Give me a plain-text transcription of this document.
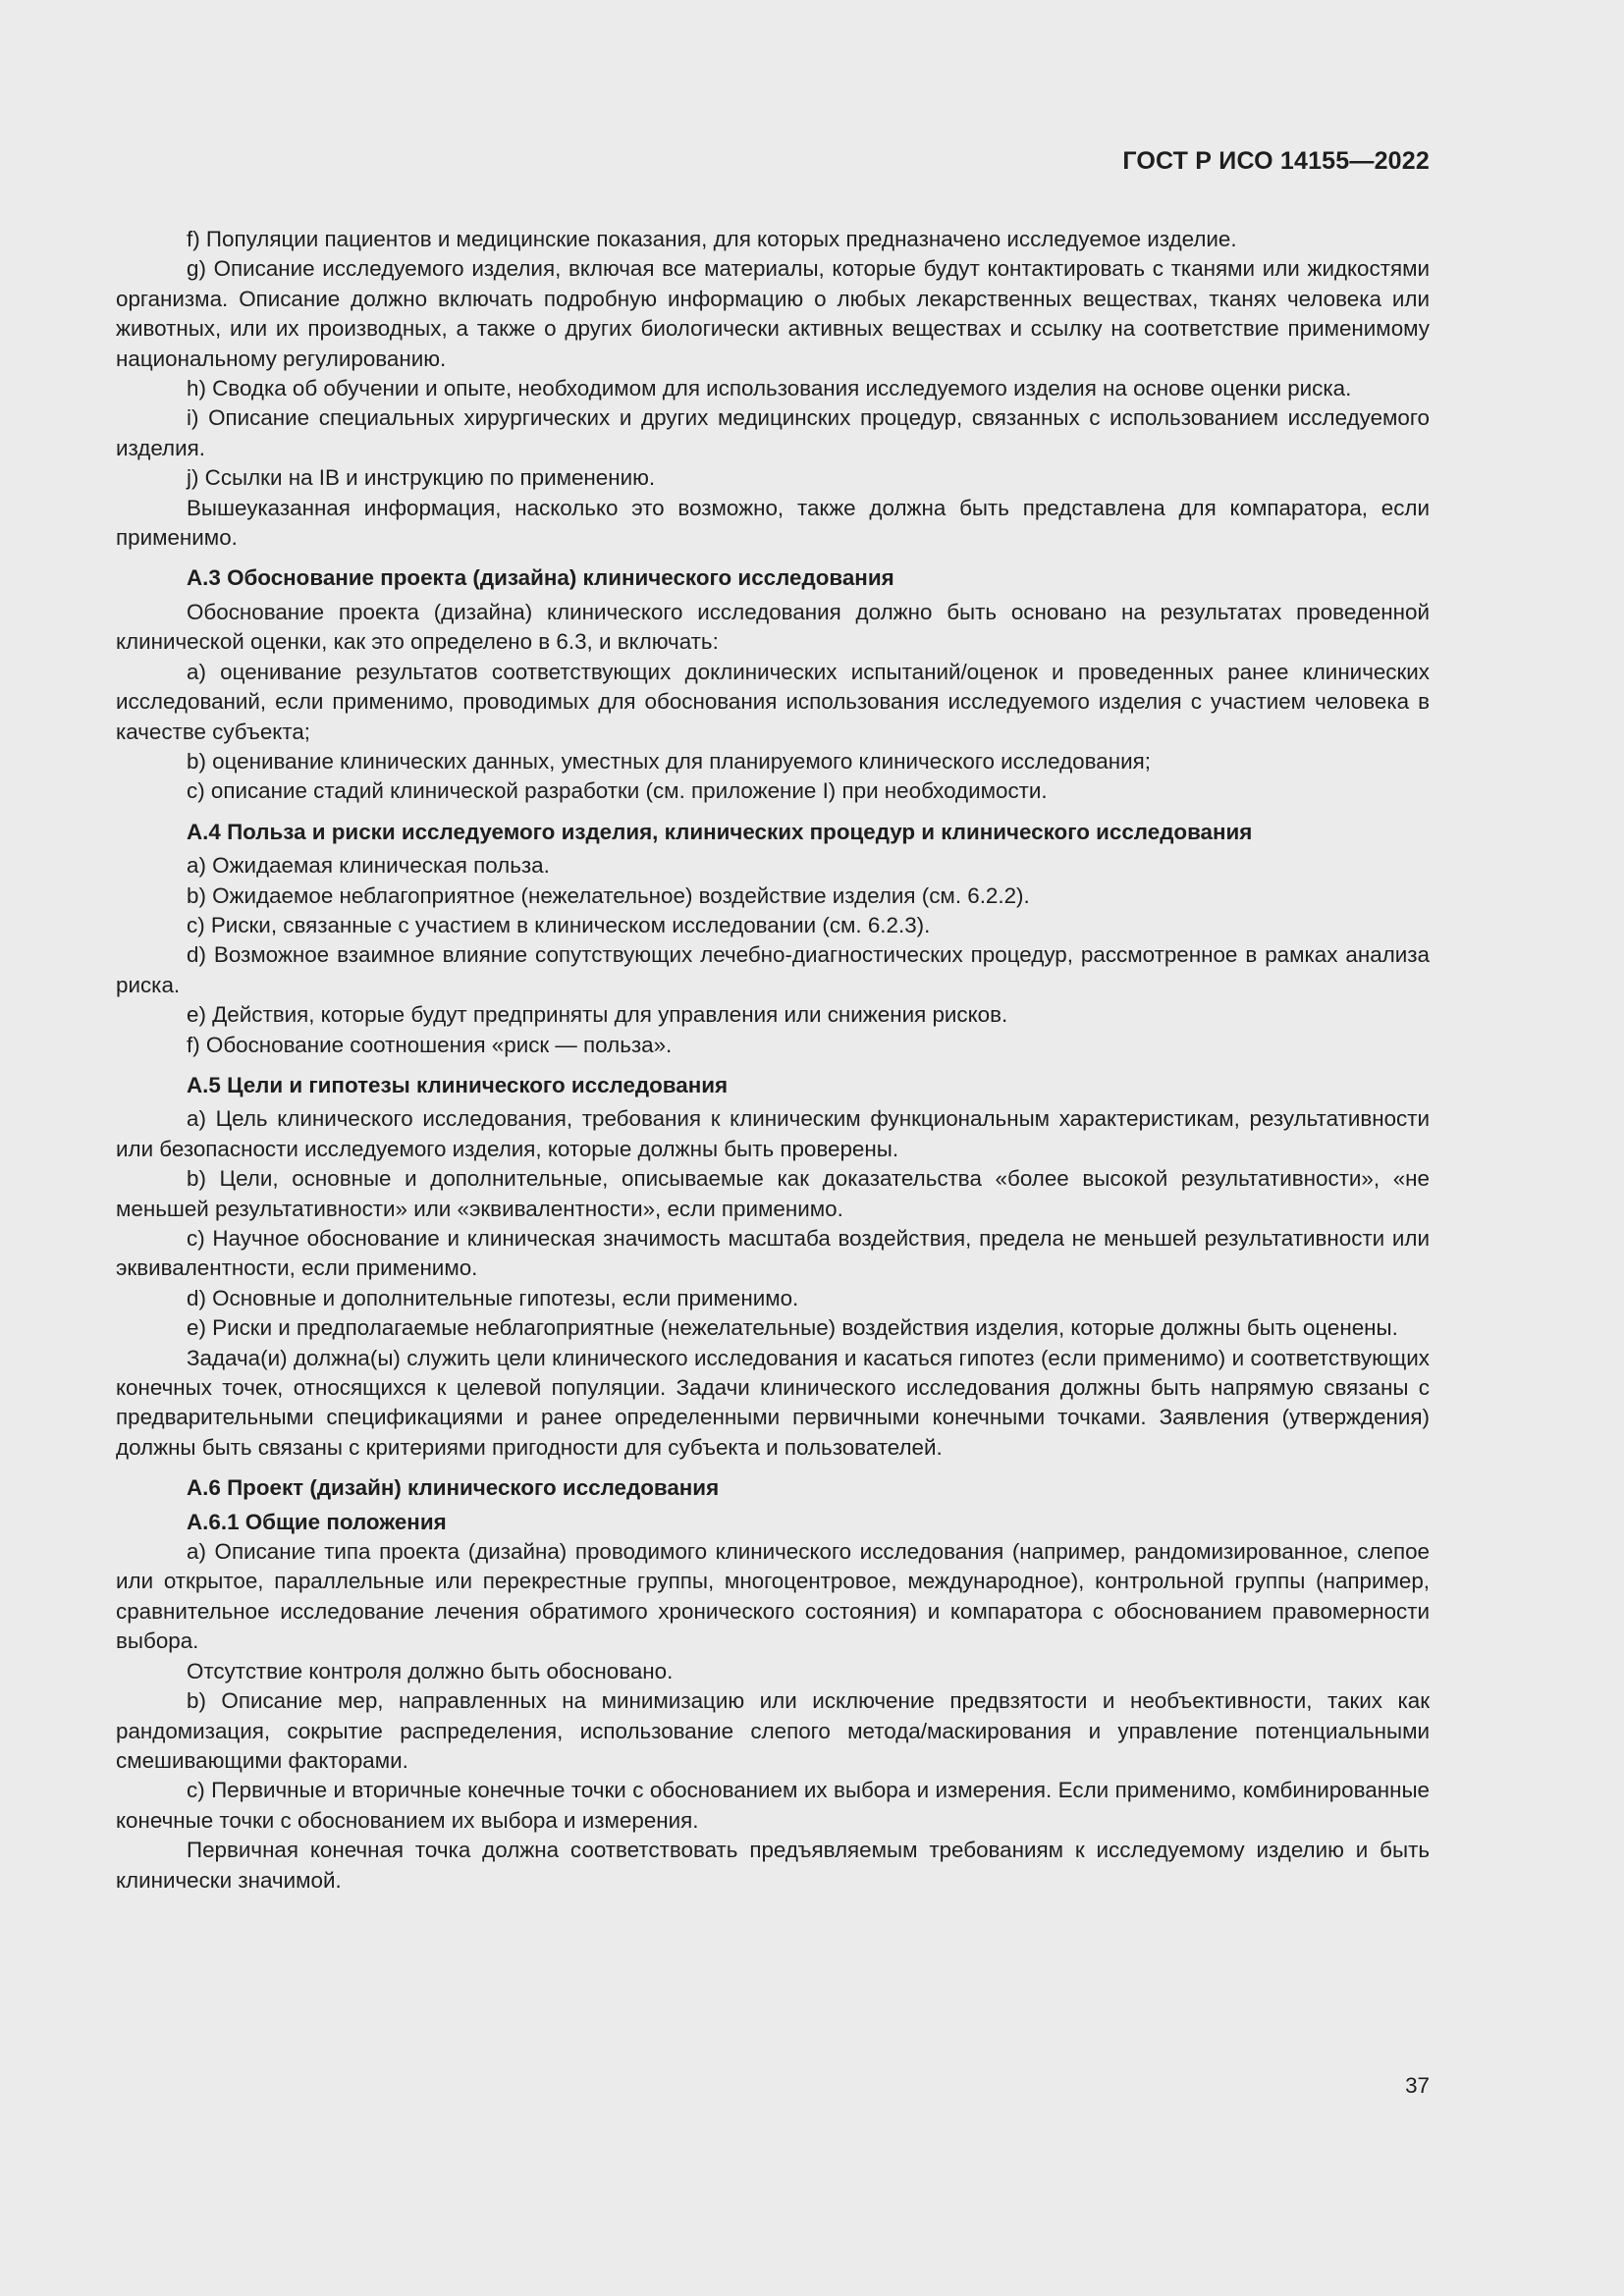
ГОСТ Р ИСО 14155—2022

f) Популяции пациентов и медицинские показания, для которых предназначено исследуемое изделие.

g) Описание исследуемого изделия, включая все материалы, которые будут контактировать с тканями или жидкостями организма. Описание должно включать подробную информацию о любых лекарственных веществах, тканях человека или животных, или их производных, а также о других биологически активных веществах и ссылку на соответствие применимому национальному регулированию.

h) Сводка об обучении и опыте, необходимом для использования исследуемого изделия на основе оценки риска.

i) Описание специальных хирургических и других медицинских процедур, связанных с использованием исследуемого изделия.

j) Ссылки на IB и инструкцию по применению.

Вышеуказанная информация, насколько это возможно, также должна быть представлена для компаратора, если применимо.

А.3 Обоснование проекта (дизайна) клинического исследования

Обоснование проекта (дизайна) клинического исследования должно быть основано на результатах проведенной клинической оценки, как это определено в 6.3, и включать:

a) оценивание результатов соответствующих доклинических испытаний/оценок и проведенных ранее клинических исследований, если применимо, проводимых для обоснования использования исследуемого изделия с участием человека в качестве субъекта;

b) оценивание клинических данных, уместных для планируемого клинического исследования;

c) описание стадий клинической разработки (см. приложение I) при необходимости.

А.4 Польза и риски исследуемого изделия, клинических процедур и клинического исследования

a) Ожидаемая клиническая польза.

b) Ожидаемое неблагоприятное (нежелательное) воздействие изделия (см. 6.2.2).

c) Риски, связанные с участием в клиническом исследовании (см. 6.2.3).

d) Возможное взаимное влияние сопутствующих лечебно-диагностических процедур, рассмотренное в рамках анализа риска.

e) Действия, которые будут предприняты для управления или снижения рисков.

f) Обоснование соотношения «риск — польза».

А.5 Цели и гипотезы клинического исследования

a) Цель клинического исследования, требования к клиническим функциональным характеристикам, результативности или безопасности исследуемого изделия, которые должны быть проверены.

b) Цели, основные и дополнительные, описываемые как доказательства «более высокой результативности», «не меньшей результативности» или «эквивалентности», если применимо.

c) Научное обоснование и клиническая значимость масштаба воздействия, предела не меньшей результативности или эквивалентности, если применимо.

d) Основные и дополнительные гипотезы, если применимо.

e) Риски и предполагаемые неблагоприятные (нежелательные) воздействия изделия, которые должны быть оценены.

Задача(и) должна(ы) служить цели клинического исследования и касаться гипотез (если применимо) и соответствующих конечных точек, относящихся к целевой популяции. Задачи клинического исследования должны быть напрямую связаны с предварительными спецификациями и ранее определенными первичными конечными точками. Заявления (утверждения) должны быть связаны с критериями пригодности для субъекта и пользователей.

А.6 Проект (дизайн) клинического исследования
А.6.1 Общие положения

a) Описание типа проекта (дизайна) проводимого клинического исследования (например, рандомизированное, слепое или открытое, параллельные или перекрестные группы, многоцентровое, международное), контрольной группы (например, сравнительное исследование лечения обратимого хронического состояния) и компаратора с обоснованием правомерности выбора.

Отсутствие контроля должно быть обосновано.

b) Описание мер, направленных на минимизацию или исключение предвзятости и необъективности, таких как рандомизация, сокрытие распределения, использование слепого метода/маскирования и управление потенциальными смешивающими факторами.

c) Первичные и вторичные конечные точки с обоснованием их выбора и измерения. Если применимо, комбинированные конечные точки с обоснованием их выбора и измерения.

Первичная конечная точка должна соответствовать предъявляемым требованиям к исследуемому изделию и быть клинически значимой.

37
